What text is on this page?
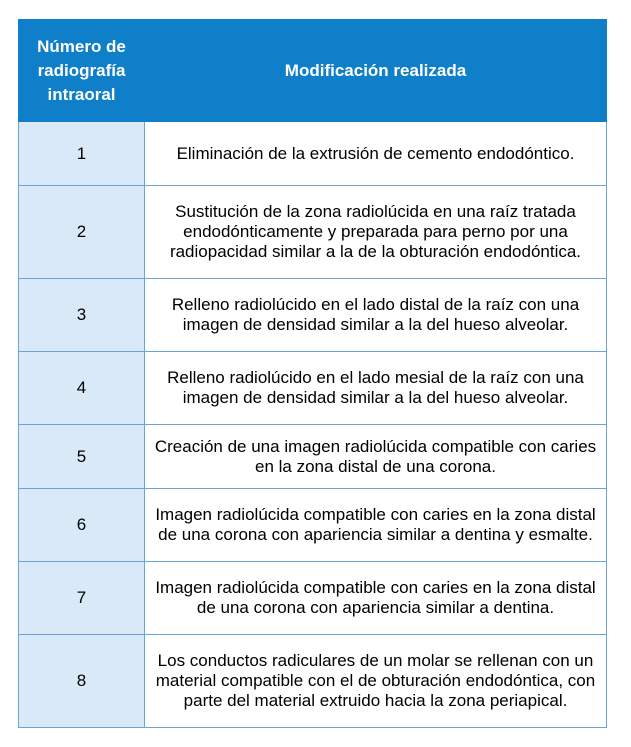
Número de radiografía intraoral	Modificación realizada
1	Eliminación de la extrusión de cemento endodóntico.
2	Sustitución de la zona radiolúcida en una raíz tratada endodónticamente y preparada para perno por una radiopacidad similar a la de la obturación endodóntica.
3	Relleno radiolúcido en el lado distal de la raíz con una imagen de densidad similar a la del hueso alveolar.
4	Relleno radiolúcido en el lado mesial de la raíz con una imagen de densidad similar a la del hueso alveolar.
5	Creación de una imagen radiolúcida compatible con caries en la zona distal de una corona.
6	Imagen radiolúcida compatible con caries en la zona distal de una corona con apariencia similar a dentina y esmalte.
7	Imagen radiolúcida compatible con caries en la zona distal de una corona con apariencia similar a dentina.
8	Los conductos radiculares de un molar se rellenan con un material compatible con el de obturación endodóntica, con parte del material extruido hacia la zona periapical.
